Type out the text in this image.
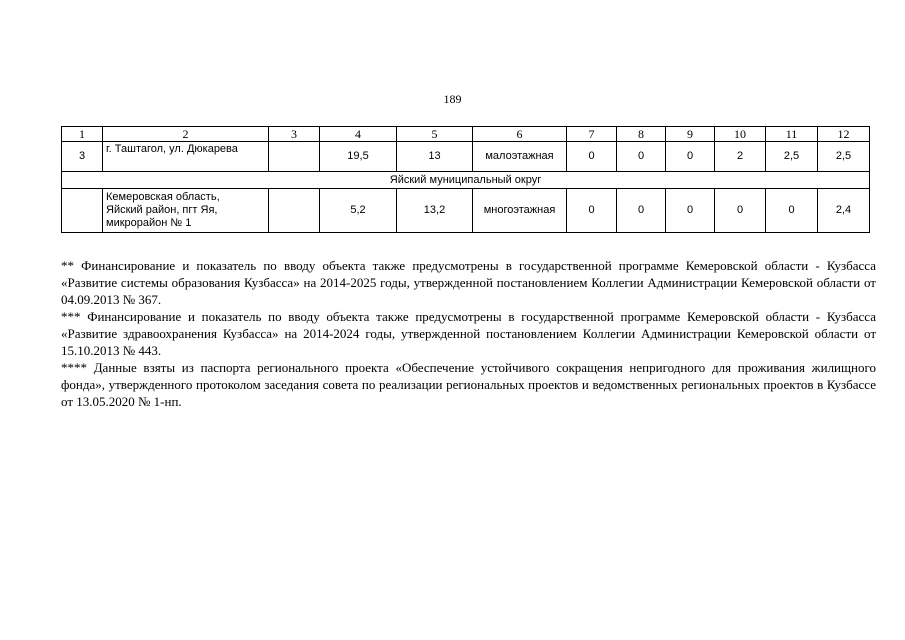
189
1	2	3	4	5	6	7	8	9	10	11	12
3	г. Таштагол, ул. Дюкарева		19,5	13	малоэтажная	0	0	0	2	2,5	2,5
Яйский муниципальный округ											
	Кемеровская область,
Яйский район, пгт Яя,
микрорайон № 1		5,2	13,2	многоэтажная	0	0	0	0	0	2,4

** Финансирование и показатель по вводу объекта также предусмотрены в государственной программе Кемеровской области - Кузбасса «Развитие системы образования Кузбасса» на 2014-2025 годы, утвержденной постановлением Коллегии Администрации Кемеровской области от 04.09.2013 № 367.

*** Финансирование и показатель по вводу объекта также предусмотрены в государственной программе Кемеровской области - Кузбасса «Развитие здравоохранения Кузбасса» на 2014-2024 годы, утвержденной постановлением Коллегии Администрации Кемеровской области от 15.10.2013 № 443.

**** Данные взяты из паспорта регионального проекта «Обеспечение устойчивого сокращения непригодного для проживания жилищного фонда», утвержденного протоколом заседания совета по реализации региональных проектов и ведомственных региональных проектов в Кузбассе от 13.05.2020 № 1-нп.
